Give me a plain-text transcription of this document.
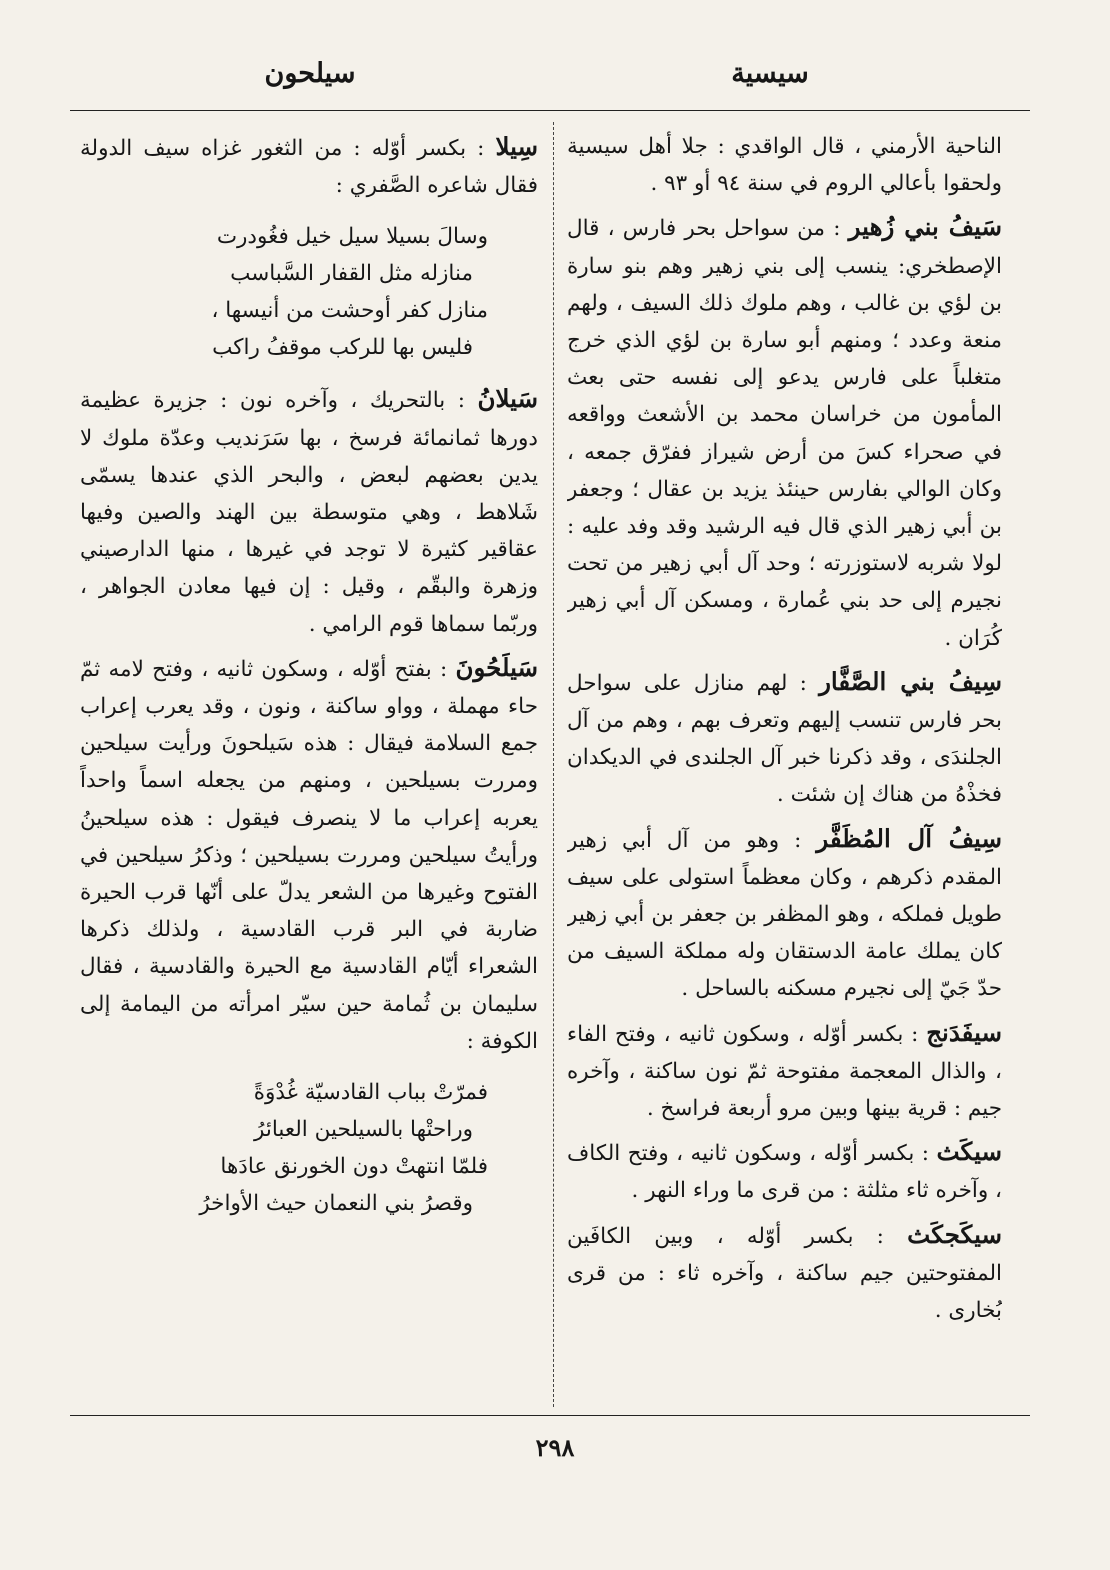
سيسية
سيلحون

الناحية الأرمني ، قال الواقدي : جلا أهل سيسية ولحقوا بأعالي الروم في سنة ٩٤ أو ٩٣ .

سَيفُ بني زُهير : من سواحل بحر فارس ، قال الإصطخري: ينسب إلى بني زهير وهم بنو سارة بن لؤي بن غالب ، وهم ملوك ذلك السيف ، ولهم منعة وعدد ؛ ومنهم أبو سارة بن لؤي الذي خرج متغلباً على فارس يدعو إلى نفسه حتى بعث المأمون من خراسان محمد بن الأشعث وواقعه في صحراء كسَ من أرض شيراز ففرّق جمعه ، وكان الوالي بفارس حينئذ يزيد بن عقال ؛ وجعفر بن أبي زهير الذي قال فيه الرشيد وقد وفد عليه : لولا شربه لاستوزرته ؛ وحد آل أبي زهير من تحت نجيرم إلى حد بني عُمارة ، ومسكن آل أبي زهير كُرَان .

سِيفُ بني الصَّفَّار : لهم منازل على سواحل بحر فارس تنسب إليهم وتعرف بهم ، وهم من آل الجلندَى ، وقد ذكرنا خبر آل الجلندى في الديكدان فخذْهُ من هناك إن شئت .

سِيفُ آل المُظَفَّر : وهو من آل أبي زهير المقدم ذكرهم ، وكان معظماً استولى على سيف طويل فملكه ، وهو المظفر بن جعفر بن أبي زهير كان يملك عامة الدستقان وله مملكة السيف من حدّ جَيّ إلى نجيرم مسكنه بالساحل .

سيفَدَنج : بكسر أوّله ، وسكون ثانيه ، وفتح الفاء ، والذال المعجمة مفتوحة ثمّ نون ساكنة ، وآخره جيم : قرية بينها وبين مرو أربعة فراسخ .

سيكَث : بكسر أوّله ، وسكون ثانيه ، وفتح الكاف ، وآخره ثاء مثلثة : من قرى ما وراء النهر .

سيكَجكَث : بكسر أوّله ، وبين الكافَين المفتوحتين جيم ساكنة ، وآخره ثاء : من قرى بُخارى .

سِيلا : بكسر أوّله : من الثغور غزاه سيف الدولة فقال شاعره الصَّفري :

وسالَ بسيلا سيل خيل فغُودرت
منازله مثل القفار السَّباسب
منازل كفر أوحشت من أنيسها ،
فليس بها للركب موقفُ راكب

سَيلانُ : بالتحريك ، وآخره نون : جزيرة عظيمة دورها ثمانمائة فرسخ ، بها سَرَنديب وعدّة ملوك لا يدين بعضهم لبعض ، والبحر الذي عندها يسمّى شَلاهط ، وهي متوسطة بين الهند والصين وفيها عقاقير كثيرة لا توجد في غيرها ، منها الدارصيني وزهرة والبقّم ، وقيل : إن فيها معادن الجواهر ، وربّما سماها قوم الرامي .

سَيلَحُونَ : بفتح أوّله ، وسكون ثانيه ، وفتح لامه ثمّ حاء مهملة ، وواو ساكنة ، ونون ، وقد يعرب إعراب جمع السلامة فيقال : هذه سَيلحونَ ورأيت سيلحين ومررت بسيلحين ، ومنهم من يجعله اسماً واحداً يعربه إعراب ما لا ينصرف فيقول : هذه سيلحينُ ورأيتُ سيلحين ومررت بسيلحين ؛ وذكرُ سيلحين في الفتوح وغيرها من الشعر يدلّ على أنّها قرب الحيرة ضاربة في البر قرب القادسية ، ولذلك ذكرها الشعراء أيّام القادسية مع الحيرة والقادسية ، فقال سليمان بن ثُمامة حين سيّر امرأته من اليمامة إلى الكوفة :

فمرّتْ بباب القادسيّة غُدْوَةً
وراحتْها بالسيلحين العبائرُ
فلمّا انتهتْ دون الخورنق عادَها
وقصرُ بني النعمان حيث الأواخرُ
٢٩٨
